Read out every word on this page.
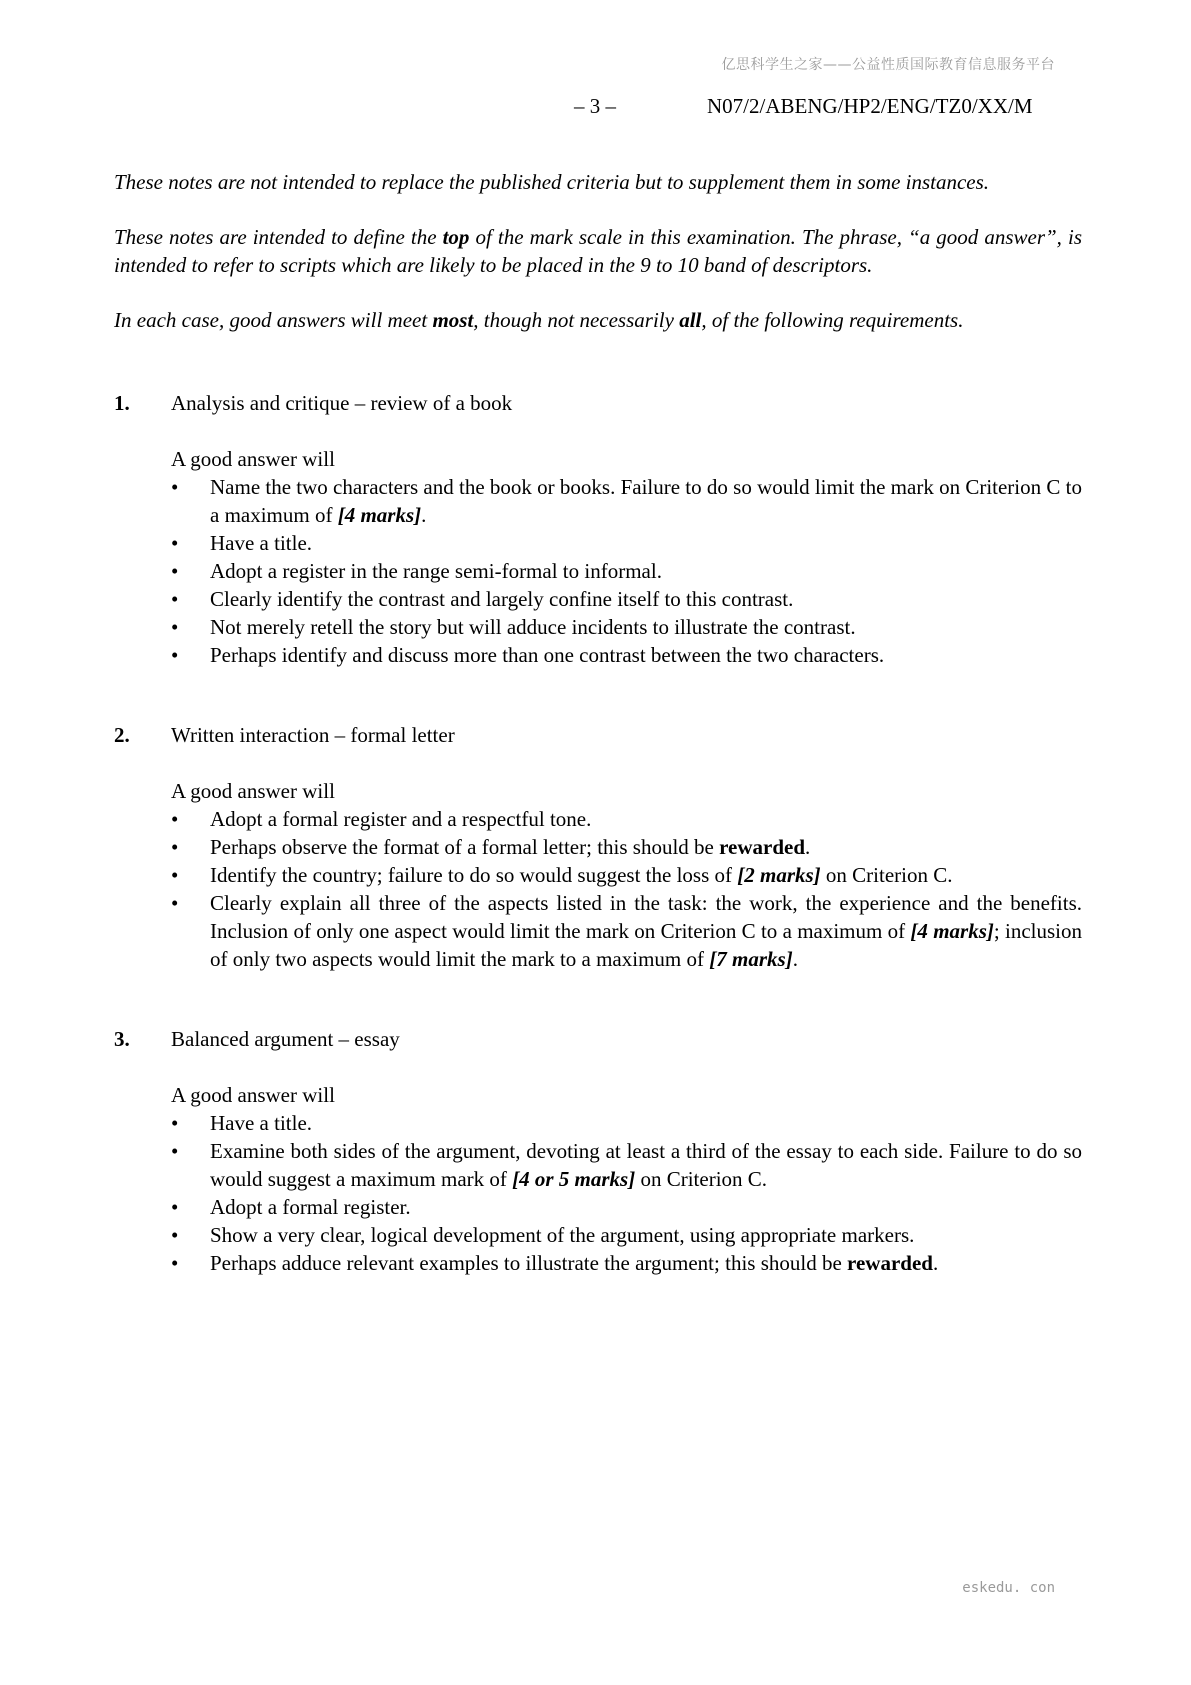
亿思科学生之家——公益性质国际教育信息服务平台
– 3 –	N07/2/ABENG/HP2/ENG/TZ0/XX/M

These notes are not intended to replace the published criteria but to supplement them in some instances.

These notes are intended to define the top of the mark scale in this examination. The phrase, “a good answer”, is intended to refer to scripts which are likely to be placed in the 9 to 10 band of descriptors.

In each case, good answers will meet most, though not necessarily all, of the following requirements.

1. Analysis and critique – review of a book
A good answer will
• Name the two characters and the book or books. Failure to do so would limit the mark on Criterion C to a maximum of [4 marks].
• Have a title.
• Adopt a register in the range semi-formal to informal.
• Clearly identify the contrast and largely confine itself to this contrast.
• Not merely retell the story but will adduce incidents to illustrate the contrast.
• Perhaps identify and discuss more than one contrast between the two characters.
2. Written interaction – formal letter
A good answer will
• Adopt a formal register and a respectful tone.
• Perhaps observe the format of a formal letter; this should be rewarded.
• Identify the country; failure to do so would suggest the loss of [2 marks] on Criterion C.
• Clearly explain all three of the aspects listed in the task: the work, the experience and the benefits. Inclusion of only one aspect would limit the mark on Criterion C to a maximum of [4 marks]; inclusion of only two aspects would limit the mark to a maximum of [7 marks].
3. Balanced argument – essay
A good answer will
• Have a title.
• Examine both sides of the argument, devoting at least a third of the essay to each side. Failure to do so would suggest a maximum mark of [4 or 5 marks] on Criterion C.
• Adopt a formal register.
• Show a very clear, logical development of the argument, using appropriate markers.
• Perhaps adduce relevant examples to illustrate the argument; this should be rewarded.
eskedu. con
